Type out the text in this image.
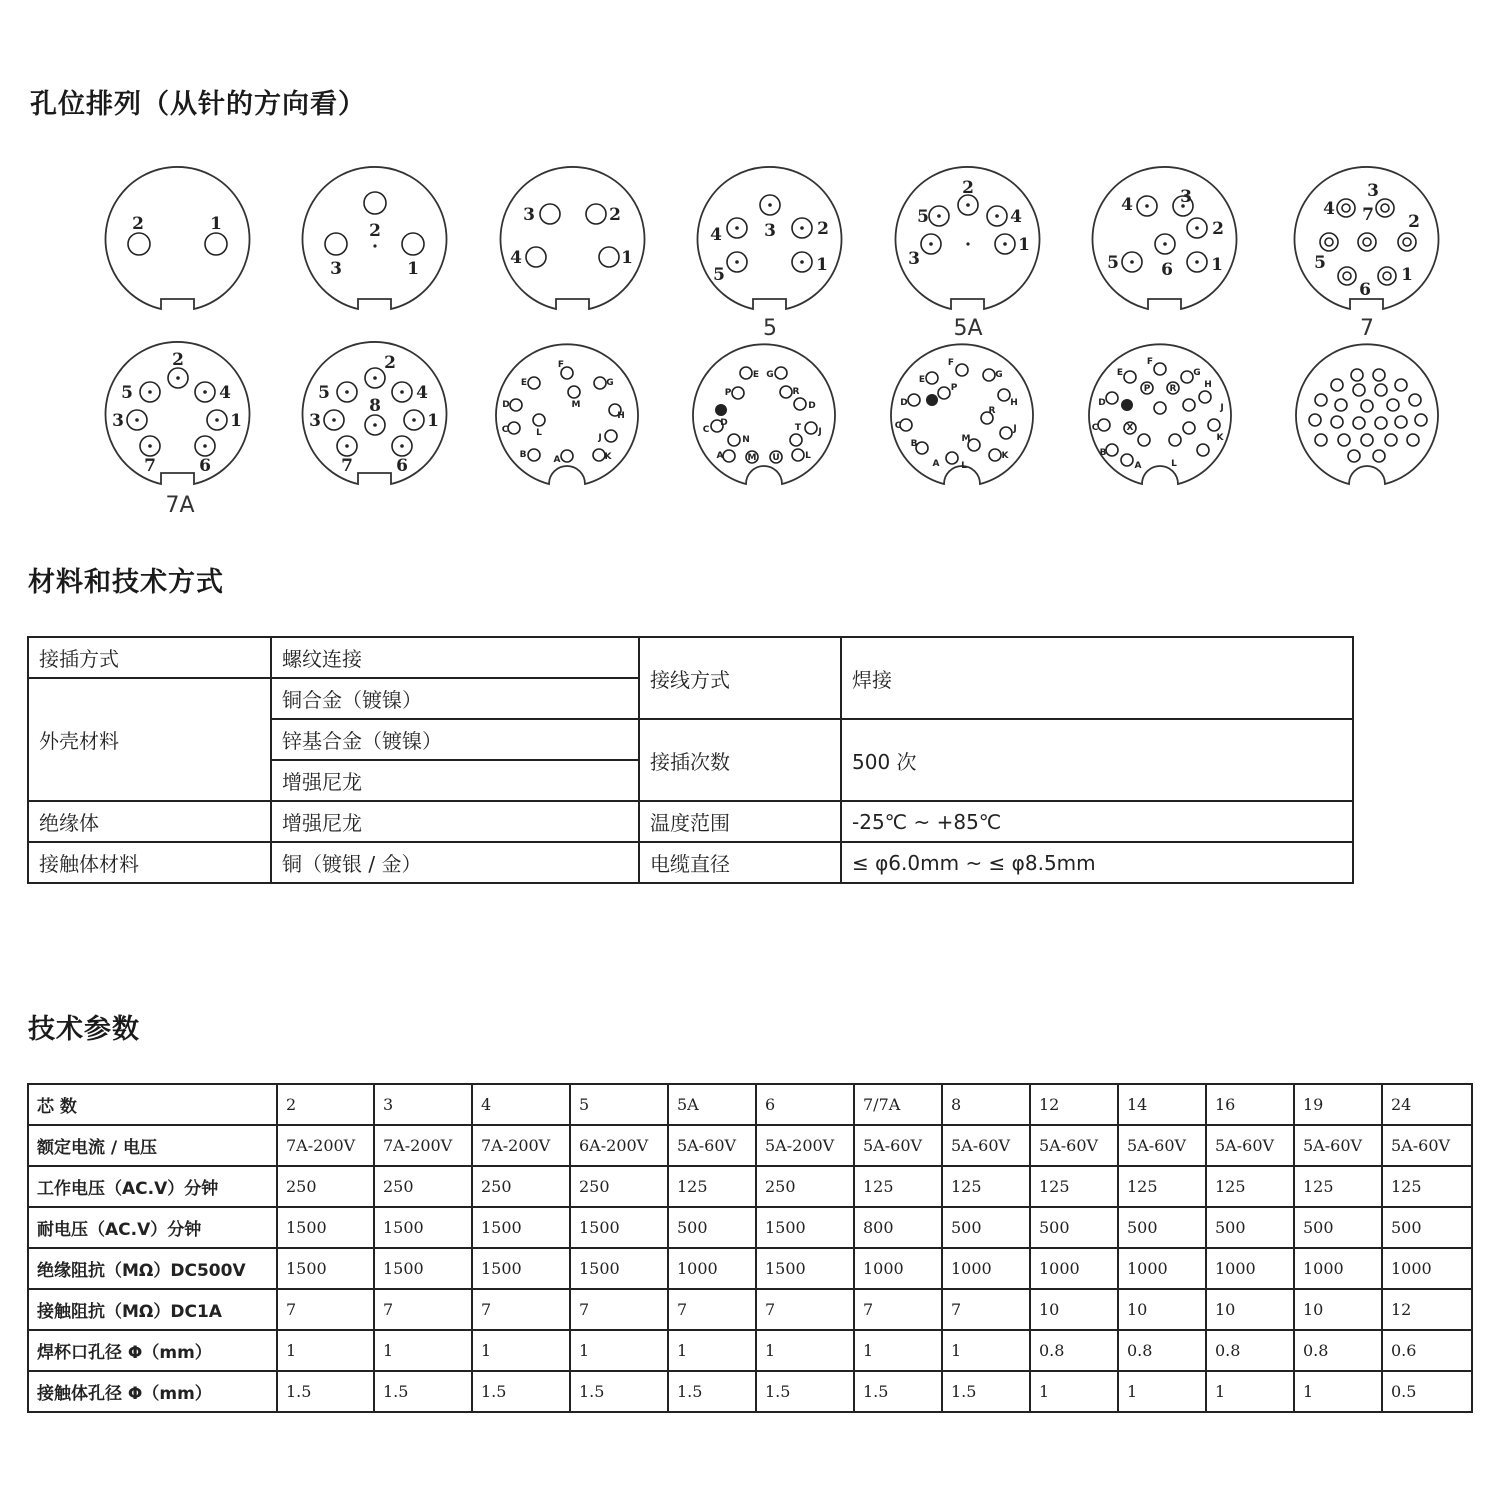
孔位排列（从针的方向看）
2	1	2
3	1
3	2
4	1
4 3 2
5	1
5
2
5	4
3
1
5A
4	3
2
5 6 1
3
4 7 2
5
1
6
7
2
5	4
3	1
7	6
7A
2
5	4
8
3	1
7	6
F
E	G
M
D
H
C	L	J
B	A	K
E G
P	R
D
D
C
N
T J
A	M U	L
F
E	G
P
D	H
R
C	J
B	M
A L
K
F
E	G
P R
D
H
X
C
J
B
A	L
K
材料和技术方式
接插方式	螺纹连接	接线方式	焊接
外壳材料	铜合金（镀镍）		
	锌基合金（镀镍）	接插次数	500 次
	增强尼龙		
绝缘体	增强尼龙	温度范围	-25℃ ~ +85℃
接触体材料	铜（镀银 / 金）	电缆直径	≤ φ6.0mm ~ ≤ φ8.5mm
技术参数
芯 数	2	3	4	5	5A	6	7/7A	8	12	14	16	19	24
额定电流 / 电压	7A-200V	7A-200V	7A-200V	6A-200V	5A-60V	5A-200V	5A-60V	5A-60V	5A-60V	5A-60V	5A-60V	5A-60V	5A-60V
工作电压（AC.V）分钟	250	250	250	250	125	250	125	125	125	125	125	125	125
耐电压（AC.V）分钟	1500	1500	1500	1500	500	1500	800	500	500	500	500	500	500
绝缘阻抗（MΩ）DC500V	1500	1500	1500	1500	1000	1500	1000	1000	1000	1000	1000	1000	1000
接触阻抗（MΩ）DC1A	7	7	7	7	7	7	7	7	10	10	10	10	12
焊杯口孔径 Φ（mm）	1	1	1	1	1	1	1	1	0.8	0.8	0.8	0.8	0.6
接触体孔径 Φ（mm）	1.5	1.5	1.5	1.5	1.5	1.5	1.5	1.5	1	1	1	1	0.5
